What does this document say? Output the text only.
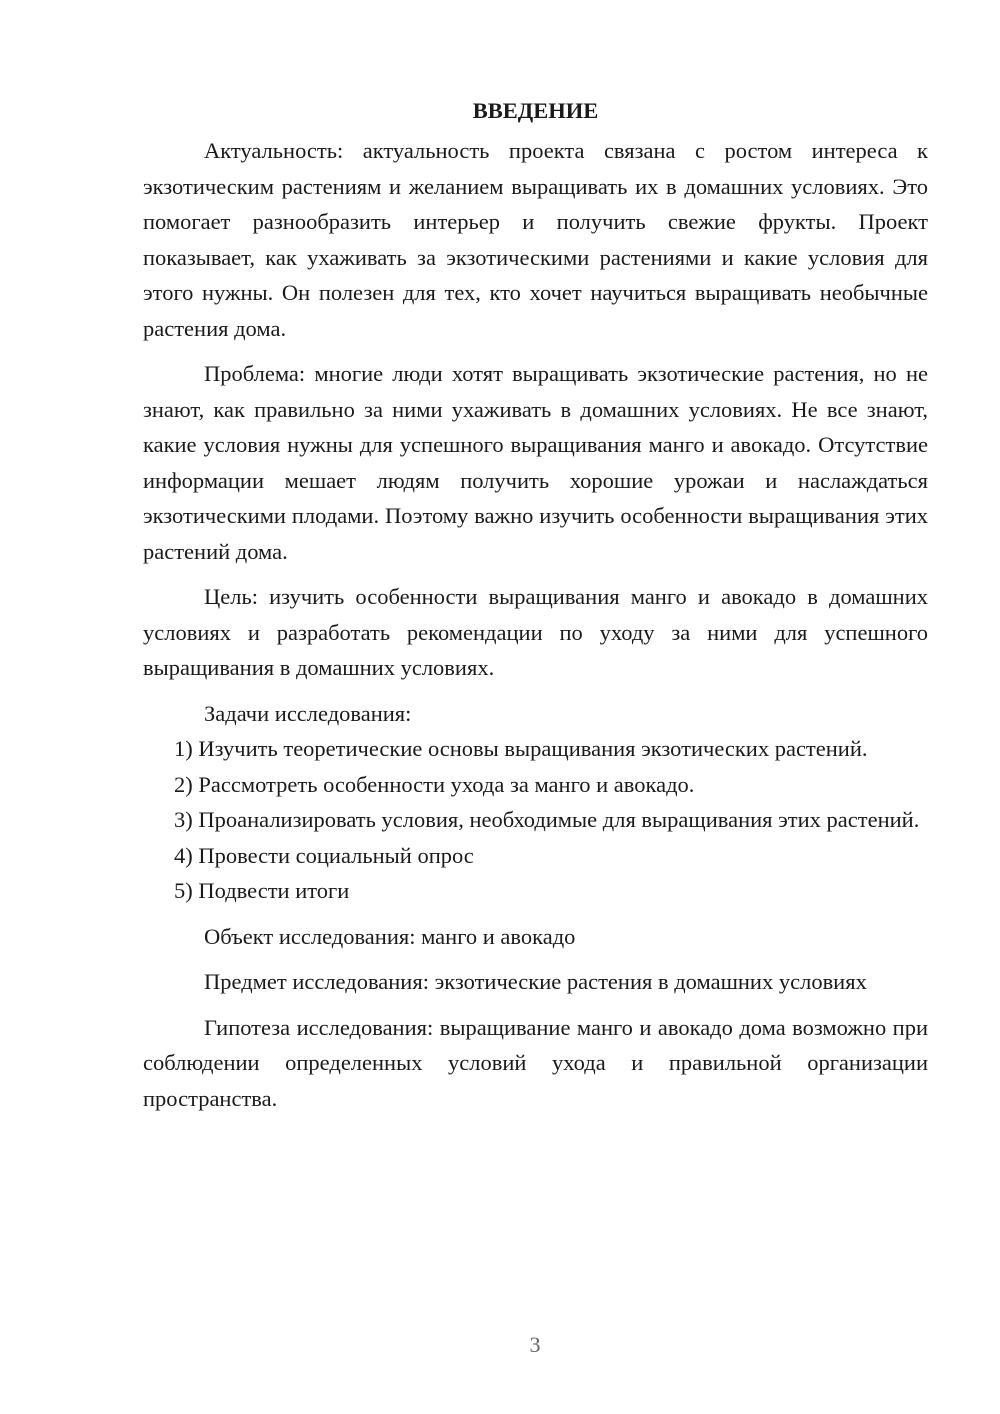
ВВЕДЕНИЕ

Актуальность: актуальность проекта связана с ростом интереса к экзотическим растениям и желанием выращивать их в домашних условиях. Это помогает разнообразить интерьер и получить свежие фрукты. Проект показывает, как ухаживать за экзотическими растениями и какие условия для этого нужны. Он полезен для тех, кто хочет научиться выращивать необычные растения дома.

Проблема: многие люди хотят выращивать экзотические растения, но не знают, как правильно за ними ухаживать в домашних условиях. Не все знают, какие условия нужны для успешного выращивания манго и авокадо. Отсутствие информации мешает людям получить хорошие урожаи и наслаждаться экзотическими плодами. Поэтому важно изучить особенности выращивания этих растений дома.

Цель: изучить особенности выращивания манго и авокадо в домашних условиях и разработать рекомендации по уходу за ними для успешного выращивания в домашних условиях.

Задачи исследования:

1) Изучить теоретические основы выращивания экзотических растений.

2) Рассмотреть особенности ухода за манго и авокадо.

3) Проанализировать условия, необходимые для выращивания этих растений.

4) Провести социальный опрос

5) Подвести итоги

Объект исследования: манго и авокадо

Предмет исследования: экзотические растения в домашних условиях

Гипотеза исследования: выращивание манго и авокадо дома возможно при соблюдении определенных условий ухода и правильной организации пространства.

3
